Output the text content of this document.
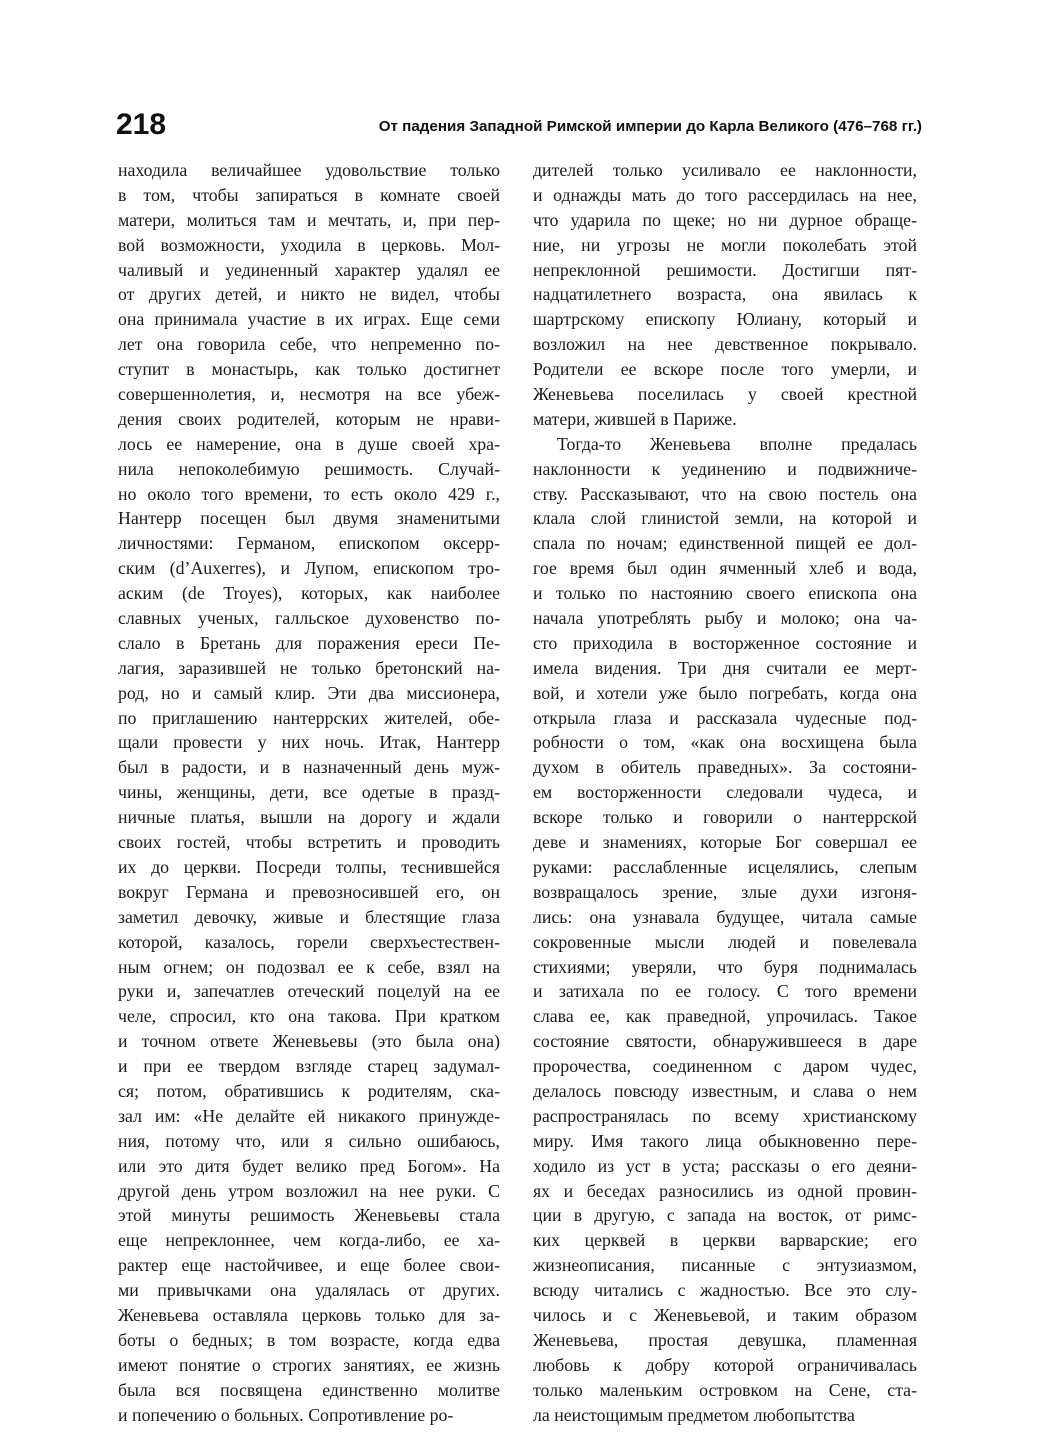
218	От падения Западной Римской империи до Карла Великого (476–768 гг.)
находила величайшее удовольствие только
в том, чтобы запираться в комнате своей
матери, молиться там и мечтать, и, при пер-
вой возможности, уходила в церковь. Мол-
чаливый и уединенный характер удалял ее
от других детей, и никто не видел, чтобы
она принимала участие в их играх. Еще семи
лет она говорила себе, что непременно по-
ступит в монастырь, как только достигнет
совершеннолетия, и, несмотря на все убеж-
дения своих родителей, которым не нрави-
лось ее намерение, она в душе своей хра-
нила непоколебимую решимость. Случай-
но около того времени, то есть около 429 г.,
Нантерр посещен был двумя знаменитыми
личностями: Германом, епископом оксерр-
ским (d’Auxerres), и Лупом, епископом тро-
аским (de Troyes), которых, как наиболее
славных ученых, галльское духовенство по-
слало в Бретань для поражения ереси Пе-
лагия, заразившей не только бретонский на-
род, но и самый клир. Эти два миссионера,
по приглашению нантеррских жителей, обе-
щали провести у них ночь. Итак, Нантерр
был в радости, и в назначенный день муж-
чины, женщины, дети, все одетые в празд-
ничные платья, вышли на дорогу и ждали
своих гостей, чтобы встретить и проводить
их до церкви. Посреди толпы, теснившейся
вокруг Германа и превозносившей его, он
заметил девочку, живые и блестящие глаза
которой, казалось, горели сверхъестествен-
ным огнем; он подозвал ее к себе, взял на
руки и, запечатлев отеческий поцелуй на ее
челе, спросил, кто она такова. При кратком
и точном ответе Женевьевы (это была она)
и при ее твердом взгляде старец задумал-
ся; потом, обратившись к родителям, ска-
зал им: «Не делайте ей никакого принужде-
ния, потому что, или я сильно ошибаюсь,
или это дитя будет велико пред Богом». На
другой день утром возложил на нее руки. С
этой минуты решимость Женевьевы стала
еще непреклоннее, чем когда-либо, ее ха-
рактер еще настойчивее, и еще более свои-
ми привычками она удалялась от других.
Женевьева оставляла церковь только для за-
боты о бедных; в том возрасте, когда едва
имеют понятие о строгих занятиях, ее жизнь
была вся посвящена единственно молитве
и попечению о больных. Сопротивление ро-
дителей только усиливало ее наклонности,
и однажды мать до того рассердилась на нее,
что ударила по щеке; но ни дурное обраще-
ние, ни угрозы не могли поколебать этой
непреклонной решимости. Достигши пят-
надцатилетнего возраста, она явилась к
шартрскому епископу Юлиану, который и
возложил на нее девственное покрывало.
Родители ее вскоре после того умерли, и
Женевьева поселилась у своей крестной
матери, жившей в Париже.
Тогда-то Женевьева вполне предалась
наклонности к уединению и подвижниче-
ству. Рассказывают, что на свою постель она
клала слой глинистой земли, на которой и
спала по ночам; единственной пищей ее дол-
гое время был один ячменный хлеб и вода,
и только по настоянию своего епископа она
начала употреблять рыбу и молоко; она ча-
сто приходила в восторженное состояние и
имела видения. Три дня считали ее мерт-
вой, и хотели уже было погребать, когда она
открыла глаза и рассказала чудесные под-
робности о том, «как она восхищена была
духом в обитель праведных». За состояни-
ем восторженности следовали чудеса, и
вскоре только и говорили о нантеррской
деве и знамениях, которые Бог совершал ее
руками: расслабленные исцелялись, слепым
возвращалось зрение, злые духи изгоня-
лись: она узнавала будущее, читала самые
сокровенные мысли людей и повелевала
стихиями; уверяли, что буря поднималась
и затихала по ее голосу. С того времени
слава ее, как праведной, упрочилась. Такое
состояние святости, обнаружившееся в даре
пророчества, соединенном с даром чудес,
делалось повсюду известным, и слава о нем
распространялась по всему христианскому
миру. Имя такого лица обыкновенно пере-
ходило из уст в уста; рассказы о его деяни-
ях и беседах разносились из одной провин-
ции в другую, с запада на восток, от римс-
ких церквей в церкви варварские; его
жизнеописания, писанные с энтузиазмом,
всюду читались с жадностью. Все это слу-
чилось и с Женевьевой, и таким образом
Женевьева, простая девушка, пламенная
любовь к добру которой ограничивалась
только маленьким островком на Сене, ста-
ла неистощимым предметом любопытства
